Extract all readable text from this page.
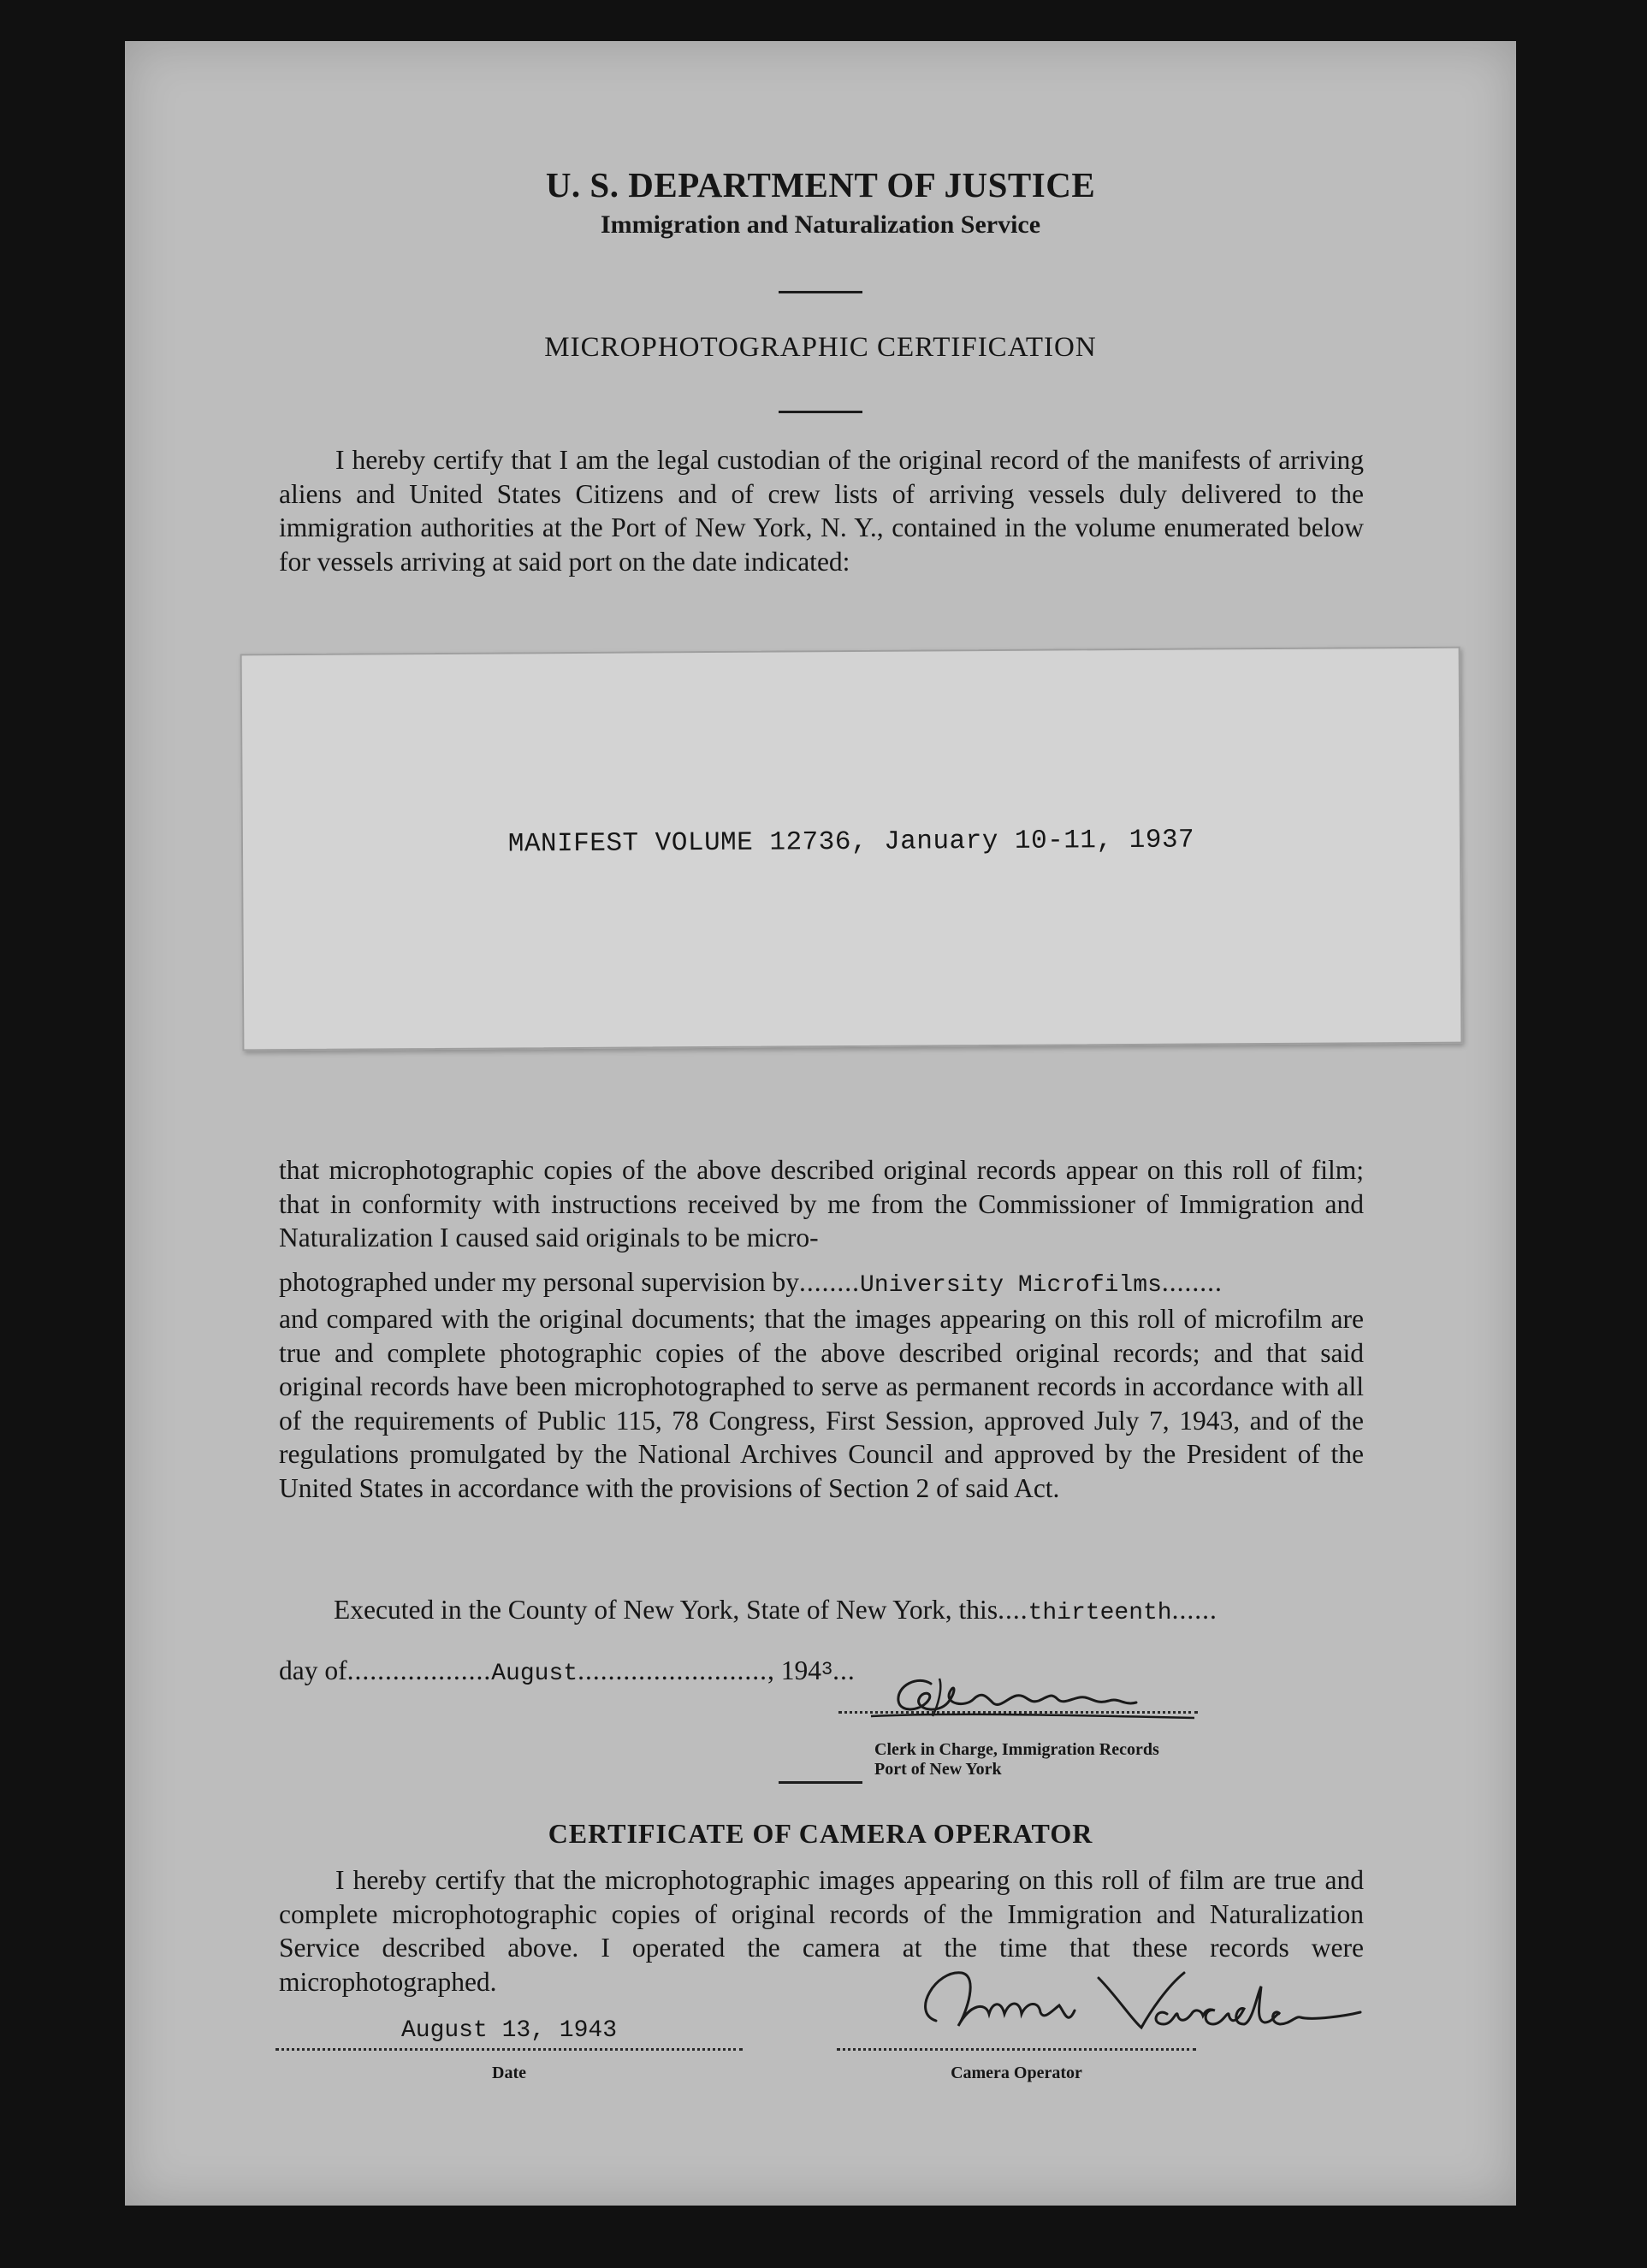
U. S. DEPARTMENT OF JUSTICE
Immigration and Naturalization Service
MICROPHOTOGRAPHIC CERTIFICATION
I hereby certify that I am the legal custodian of the original record of the manifests of arriving aliens and United States Citizens and of crew lists of arriving vessels duly delivered to the immigration authorities at the Port of New York, N. Y., contained in the volume enumerated below for vessels arriving at said port on the date indicated:
MANIFEST VOLUME 12736, January 10-11, 1937
that microphotographic copies of the above described original records appear on this roll of film; that in conformity with instructions received by me from the Commissioner of Immigration and Naturalization I caused said originals to be micro-
photographed under my personal supervision by........University Microfilms........
and compared with the original documents; that the images appearing on this roll of microfilm are true and complete photographic copies of the above described original records; and that said original records have been microphotographed to serve as permanent records in accordance with all of the requirements of Public 115, 78 Congress, First Session, approved July 7, 1943, and of the regulations promulgated by the National Archives Council and approved by the President of the United States in accordance with the provisions of Section 2 of said Act.
Executed in the County of New York, State of New York, this....thirteenth......
day of...................August........................., 1943...
Clerk in Charge, Immigration Records
Port of New York
CERTIFICATE OF CAMERA OPERATOR
I hereby certify that the microphotographic images appearing on this roll of film are true and complete microphotographic copies of original records of the Immigration and Naturalization Service described above. I operated the camera at the time that these records were microphotographed.
August 13, 1943
Date	Camera Operator
